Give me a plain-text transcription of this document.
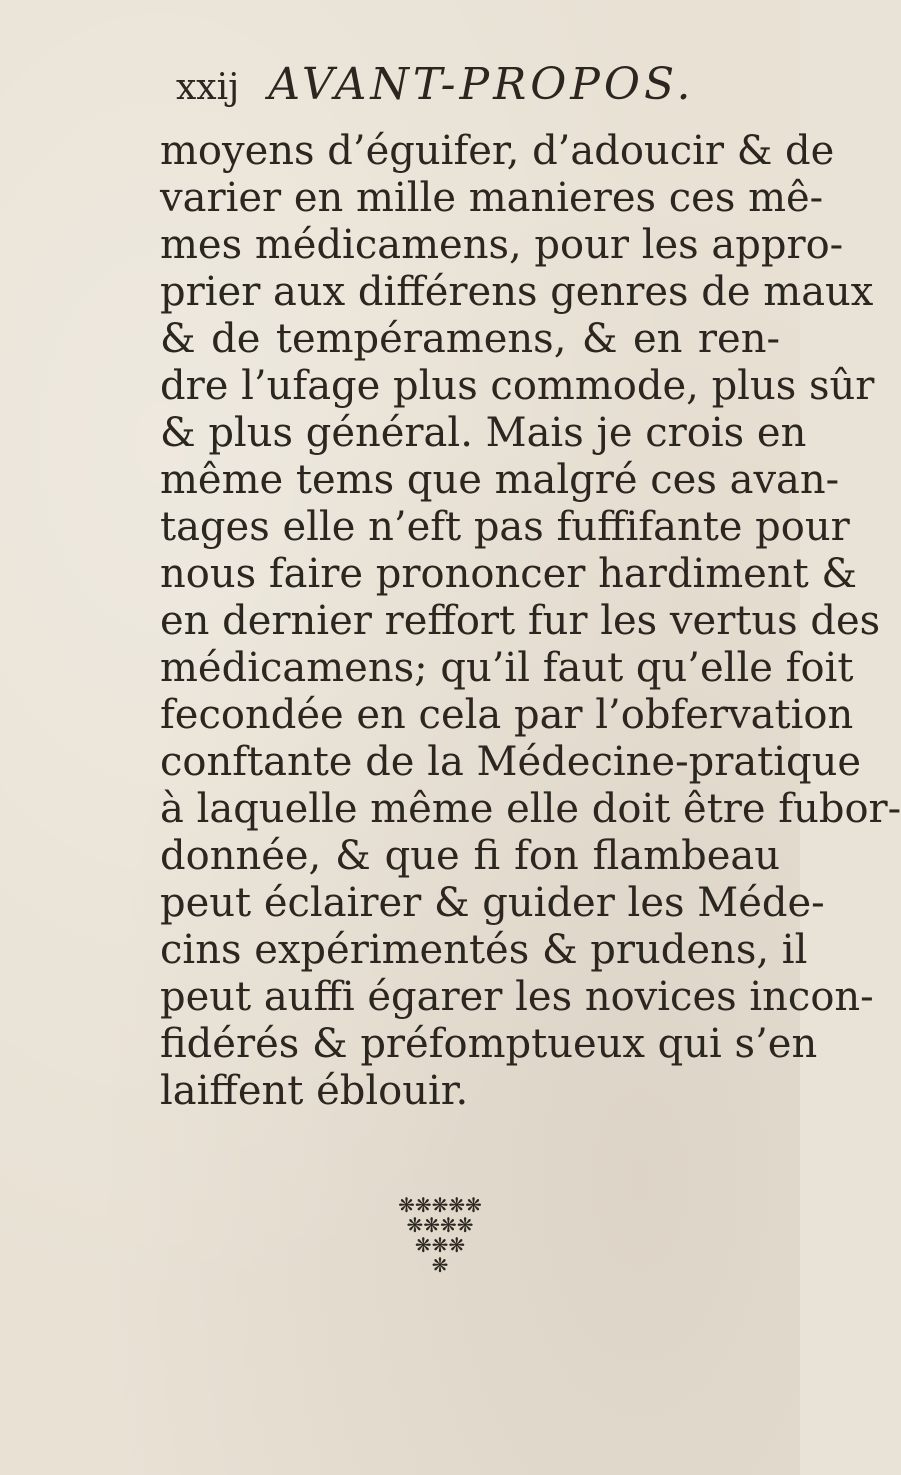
xxij AVANT-PROPOS.
moyens d’éguifer, d’adoucir & de
varier en mille manieres ces mê-
mes médicamens, pour les appro-
prier aux différens genres de maux
& de tempéramens, & en ren-
dre l’ufage plus commode, plus sûr
& plus général. Mais je crois en
même tems que malgré ces avan-
tages elle n’eft pas fuffifante pour
nous faire prononcer hardiment &
en dernier reffort fur les vertus des
médicamens; qu’il faut qu’elle foit
fecondée en cela par l’obfervation
conftante de la Médecine-pratique
à laquelle même elle doit être fubor-
donnée, & que fi fon flambeau
peut éclairer & guider les Méde-
cins expérimentés & prudens, il
peut auffi égarer les novices incon-
fidérés & préfomptueux qui s’en
laiffent éblouir.
❋❋❋❋❋
❋❋❋❋
❋❋❋
❋
